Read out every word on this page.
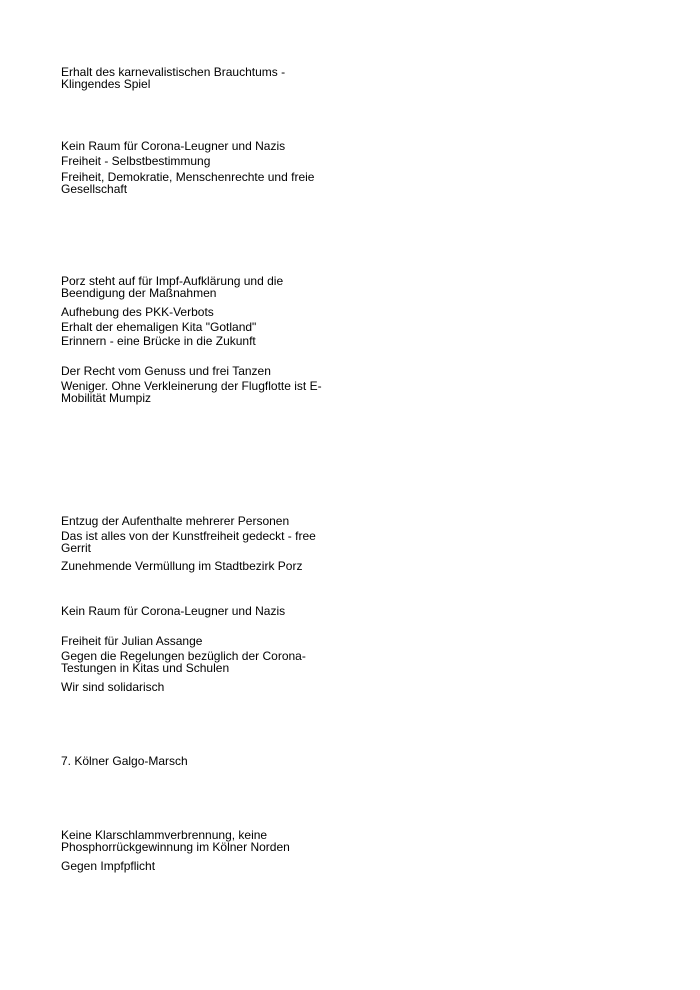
Erhalt des karnevalistischen Brauchtums -
Klingendes Spiel
Kein Raum für Corona-Leugner und Nazis
Freiheit - Selbstbestimmung
Freiheit, Demokratie, Menschenrechte und freie
Gesellschaft
Porz steht auf für Impf-Aufklärung und die
Beendigung der Maßnahmen
Aufhebung des PKK-Verbots
Erhalt der ehemaligen Kita "Gotland"
Erinnern - eine Brücke in die Zukunft
Der Recht vom Genuss und frei Tanzen
Weniger. Ohne Verkleinerung der Flugflotte ist E-
Mobilität Mumpiz
Entzug der Aufenthalte mehrerer Personen
Das ist alles von der Kunstfreiheit gedeckt - free
Gerrit
Zunehmende Vermüllung im Stadtbezirk Porz
Kein Raum für Corona-Leugner und Nazis
Freiheit für Julian Assange
Gegen die Regelungen bezüglich der Corona-
Testungen in Kitas und Schulen
Wir sind solidarisch
7. Kölner Galgo-Marsch
Keine Klarschlammverbrennung, keine
Phosphorrückgewinnung im Kölner Norden
Gegen Impfpflicht
